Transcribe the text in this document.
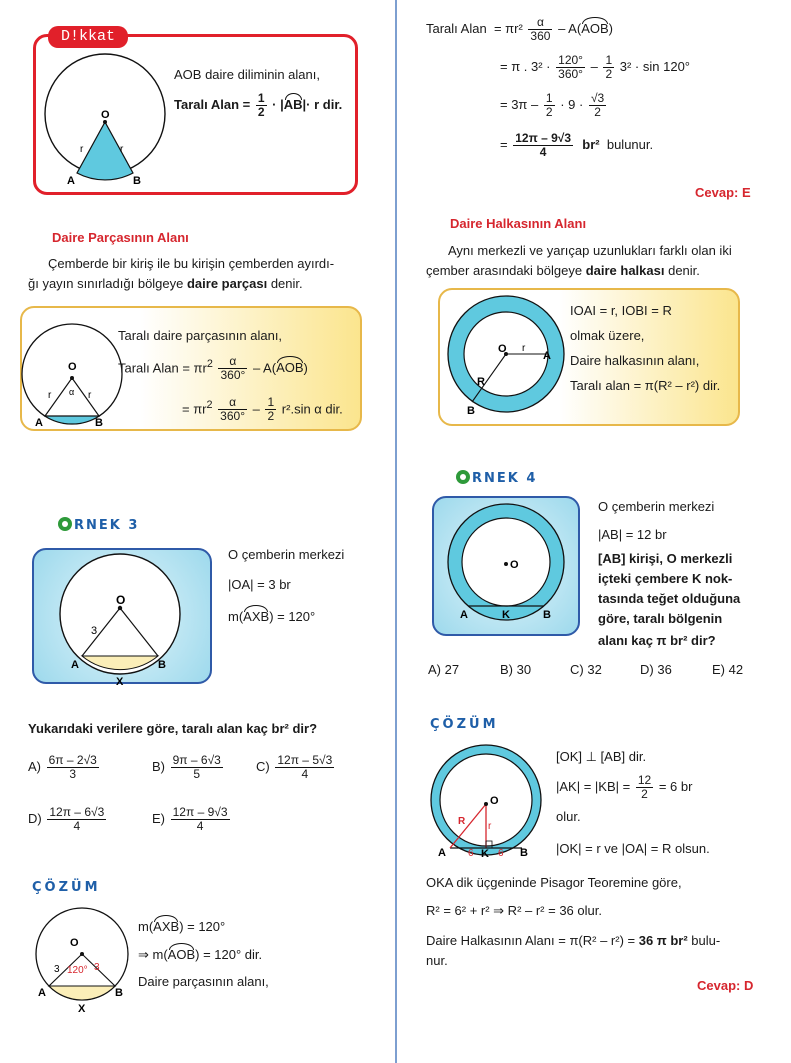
D!kkat
O
r	r
A	B
AOB daire diliminin alanı,
Taralı Alan = $\frac{1}{2} \cdot |AB|\cdot r$ dir.
Daire Parçasının Alanı
Çemberde bir kiriş ile bu kirişin çemberden ayırdı-
ğı yayın sınırladığı bölgeye daire parçası denir.
O
α
r	r
A	B
Taralı daire parçasının alanı,
Taralı Alan = $\pi r^2 \frac{\alpha}{360^\circ} - A(AOB)$
= $\pi r^2 \frac{\alpha}{360^\circ} - \frac{1}{2} r^2.\sin$ α dir.
RNEK 3
O
3
A	B
X
O çemberin merkezi
|OA| = 3 br
m(AXB) = 120°
Yukarıdaki verilere göre, taralı alan kaç br² dir?
ÇÖZÜM
O
3	3
120°
A	B
X
m(AXB) = 120°
⇒ m(AOB) = 120° dir.
Daire parçasının alanı,
Taralı Alan = $\pi r^2 \frac{\alpha}{360} - A(AOB)$
= π . $3^2 \cdot \frac{120^\circ}{360^\circ} - \frac{1}{2} 3^2 \cdot \sin 120^\circ$
= $3\pi - \frac{1}{2} \cdot 9 \cdot \frac{√3}{2}$
= $\frac{12\pi - 9√3}{4} br^2$ bulunur.
Cevap: E
Daire Halkasının Alanı
Aynı merkezli ve yarıçap uzunlukları farklı olan iki
çember arasındaki bölgeye daire halkası denir.
O r
A
R
B
IOAI = r, IOBI = R
olmak üzere,
Daire halkasının alanı,
Taralı alan = π(R² – r²) dir.
RNEK 4
O
A	K	B
O çemberin merkezi
|AB| = 12 br
[AB] kirişi, O merkezli
içteki çembere K nok-
tasında teğet olduğuna
göre, taralı bölgenin
alanı kaç π br² dir?
ÇÖZÜM
O
R r
A 6 K 6 B
[OK] ⊥ [AB] dir.
$|AK| = |KB| = \frac{12}{2} = 6$ br
olur.
|OK| = r ve |OA| = R olsun.
OKA dik üçgeninde Pisagor Teoremine göre,
R² = 6² + r² ⇒ R² – r² = 36 olur.
Daire Halkasının Alanı = π(R² – r²) = 36 π br² bulu-
nur.
Cevap: D
$A) \frac{6\pi - 2√3}{3}$	$B) \frac{9\pi - 6√3}{5}$	$C) \frac{12\pi - 5√3}{4}$
$D) \frac{12\pi - 6√3}{4}$	$E) \frac{12\pi - 9√3}{4}$
A) 27	B) 30	C) 32	D) 36	E) 42
